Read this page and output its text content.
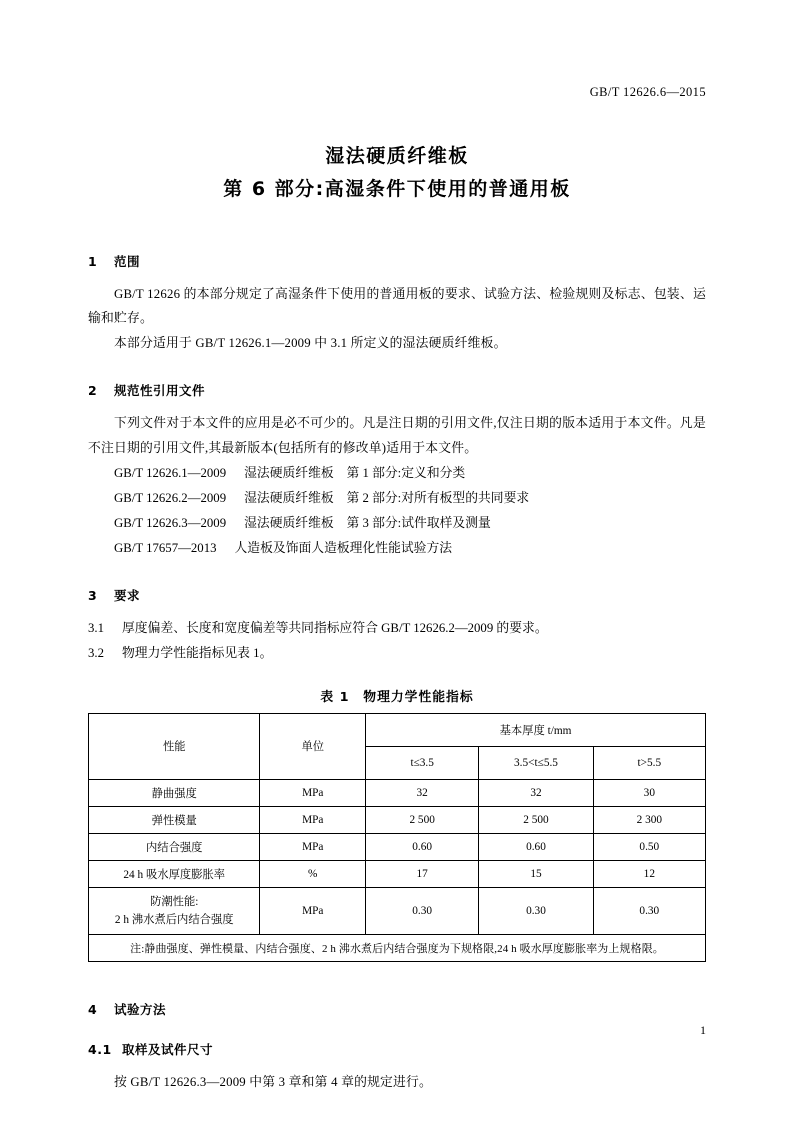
GB/T 12626.6—2015
湿法硬质纤维板
第 6 部分:高湿条件下使用的普通用板
1 范围
GB/T 12626 的本部分规定了高湿条件下使用的普通用板的要求、试验方法、检验规则及标志、包装、运输和贮存。
本部分适用于 GB/T 12626.1—2009 中 3.1 所定义的湿法硬质纤维板。
2 规范性引用文件
下列文件对于本文件的应用是必不可少的。凡是注日期的引用文件,仅注日期的版本适用于本文件。凡是不注日期的引用文件,其最新版本(包括所有的修改单)适用于本文件。
GB/T 12626.1—2009 湿法硬质纤维板　第 1 部分:定义和分类
GB/T 12626.2—2009 湿法硬质纤维板　第 2 部分:对所有板型的共同要求
GB/T 12626.3—2009 湿法硬质纤维板　第 3 部分:试件取样及测量
GB/T 17657—2013 人造板及饰面人造板理化性能试验方法
3 要求
3.1 厚度偏差、长度和宽度偏差等共同指标应符合 GB/T 12626.2—2009 的要求。
3.2 物理力学性能指标见表 1。
表 1　物理力学性能指标
性能	单位	基本厚度 t/mm		
		t≤3.5	3.5<t≤5.5	t>5.5
静曲强度	MPa	32	32	30
弹性模量	MPa	2 500	2 500	2 300
内结合强度	MPa	0.60	0.60	0.50
24 h 吸水厚度膨胀率	%	17	15	12

防潮性能:
2 h 沸水煮后内结合强度	MPa	0.30	0.30	0.30
注:静曲强度、弹性模量、内结合强度、2 h 沸水煮后内结合强度为下规格限,24 h 吸水厚度膨胀率为上规格限。				
4 试验方法
4.1 取样及试件尺寸
按 GB/T 12626.3—2009 中第 3 章和第 4 章的规定进行。
1
